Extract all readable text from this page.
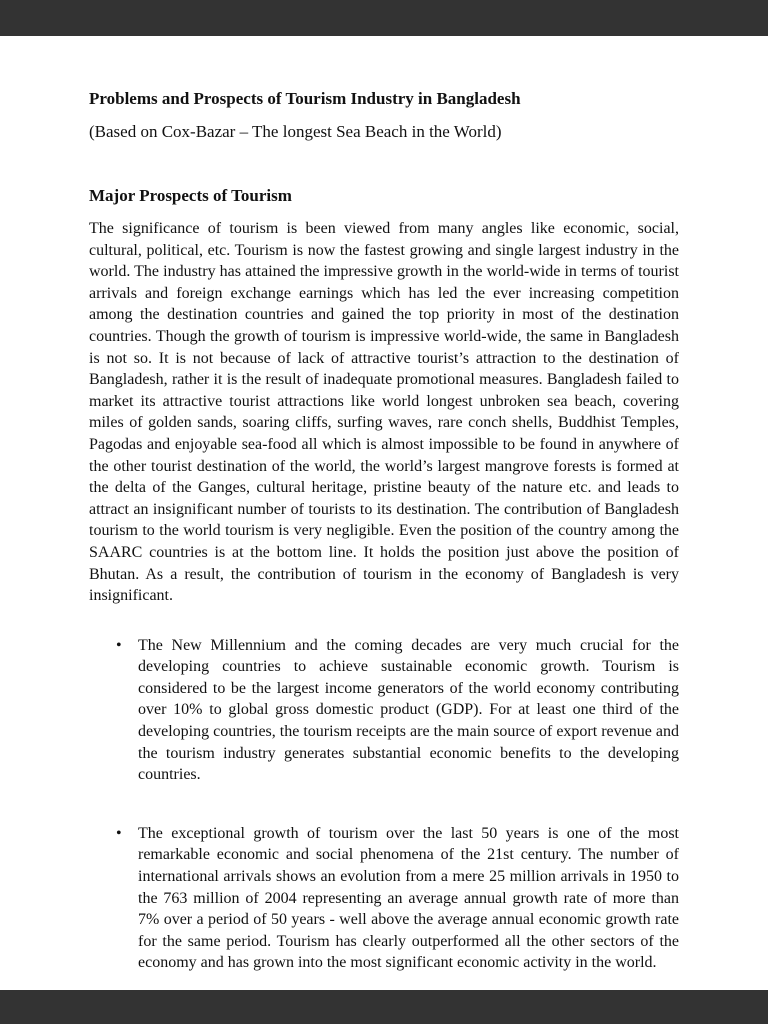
Problems and Prospects of Tourism Industry in Bangladesh

(Based on Cox-Bazar – The longest Sea Beach in the World)

Major Prospects of Tourism

The significance of tourism is been viewed from many angles like economic, social, cultural, political, etc. Tourism is now the fastest growing and single largest industry in the world. The industry has attained the impressive growth in the world-wide in terms of tourist arrivals and foreign exchange earnings which has led the ever increasing competition among the destination countries and gained the top priority in most of the destination countries. Though the growth of tourism is impressive world-wide, the same in Bangladesh is not so. It is not because of lack of attractive tourist’s attraction to the destination of Bangladesh, rather it is the result of inadequate promotional measures. Bangladesh failed to market its attractive tourist attractions like world longest unbroken sea beach, covering miles of golden sands, soaring cliffs, surfing waves, rare conch shells, Buddhist Temples, Pagodas and enjoyable sea-food all which is almost impossible to be found in anywhere of the other tourist destination of the world, the world’s largest mangrove forests is formed at the delta of the Ganges, cultural heritage, pristine beauty of the nature etc. and leads to attract an insignificant number of tourists to its destination. The contribution of Bangladesh tourism to the world tourism is very negligible. Even the position of the country among the SAARC countries is at the bottom line. It holds the position just above the position of Bhutan. As a result, the contribution of tourism in the economy of Bangladesh is very insignificant.

•	The New Millennium and the coming decades are very much crucial for the developing countries to achieve sustainable economic growth. Tourism is considered to be the largest income generators of the world economy contributing over 10% to global gross domestic product (GDP). For at least one third of the developing countries, the tourism receipts are the main source of export revenue and the tourism industry generates substantial economic benefits to the developing countries.
•	The exceptional growth of tourism over the last 50 years is one of the most remarkable economic and social phenomena of the 21st century. The number of international arrivals shows an evolution from a mere 25 million arrivals in 1950 to the 763 million of 2004 representing an average annual growth rate of more than 7% over a period of 50 years - well above the average annual economic growth rate for the same period. Tourism has clearly outperformed all the other sectors of the economy and has grown into the most significant economic activity in the world.
